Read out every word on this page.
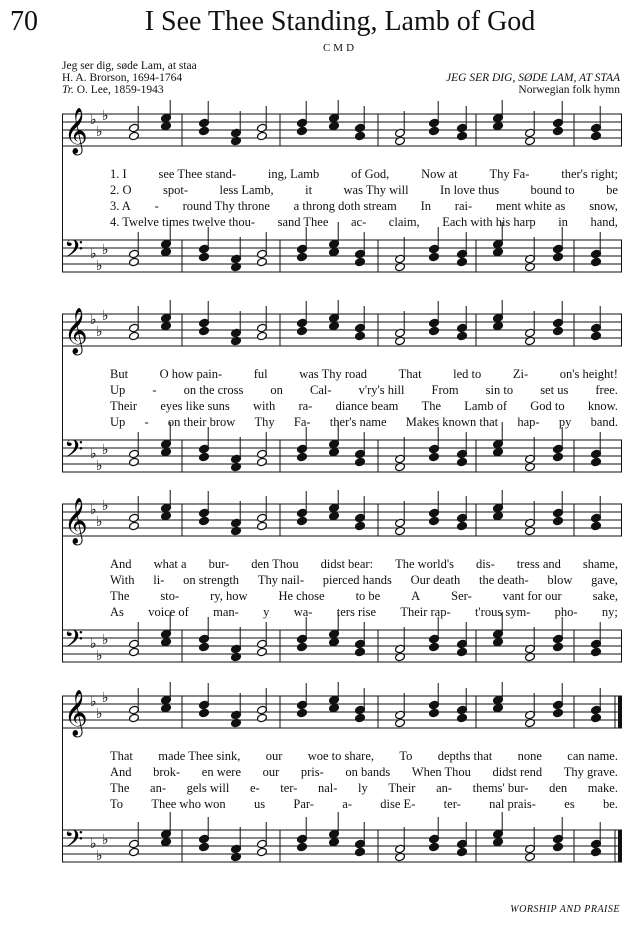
70	I See Thee Standing, Lamb of God
CMD
Jeg ser dig, søde Lam, at staa
H. A. Brorson, 1694-1764
Tr. O. Lee, 1859-1943
JEG SER DIG, SØDE LAM, AT STAA
Norwegian folk hymn
𝄞 ♭
♭
♭
𝄢 ♭
♭
♭
1. I	see Thee stand-	ing, Lamb	of God,	Now at	Thy Fa-	ther's right;
2. O	spot-	less Lamb,	it	was Thy will	In love thus	bound to	be
3. A - round Thy throne a throng doth stream In rai- ment white as snow,
4. Twelve times twelve thou- sand Thee ac- claim, Each with his harp in hand,
𝄞 ♭
♭
♭
𝄢 ♭
♭
♭
But	O how pain-	ful	was Thy road	That	led to	Zi-	on's height!
Up - on the cross on Cal- v'ry's hill From sin to set us free.
Their eyes like suns with ra- diance beam The Lamb of God to know.
Up - on their brow Thy Fa- ther's name Makes known that hap- py band.
𝄞 ♭
♭
♭
𝄢 ♭
♭
♭
And what a bur- den Thou didst bear: The world's dis- tress and shame,
With li- on strength Thy nail- pierced hands Our death the death- blow gave,
The sto- ry, how He chose to be A Ser- vant for our sake,
As voice of man- y wa- ters rise Their rap- t'rous sym- pho- ny;
𝄞 ♭
♭
♭
𝄢 ♭
♭
♭
That made Thee sink, our woe to share, To depths that none can name.
And brok- en were our pris- on bands When Thou didst rend Thy grave.
The an- gels will e- ter- nal- ly Their an- thems' bur- den make.
To Thee who won us Par- a- dise E- ter- nal prais- es be.
WORSHIP AND PRAISE
